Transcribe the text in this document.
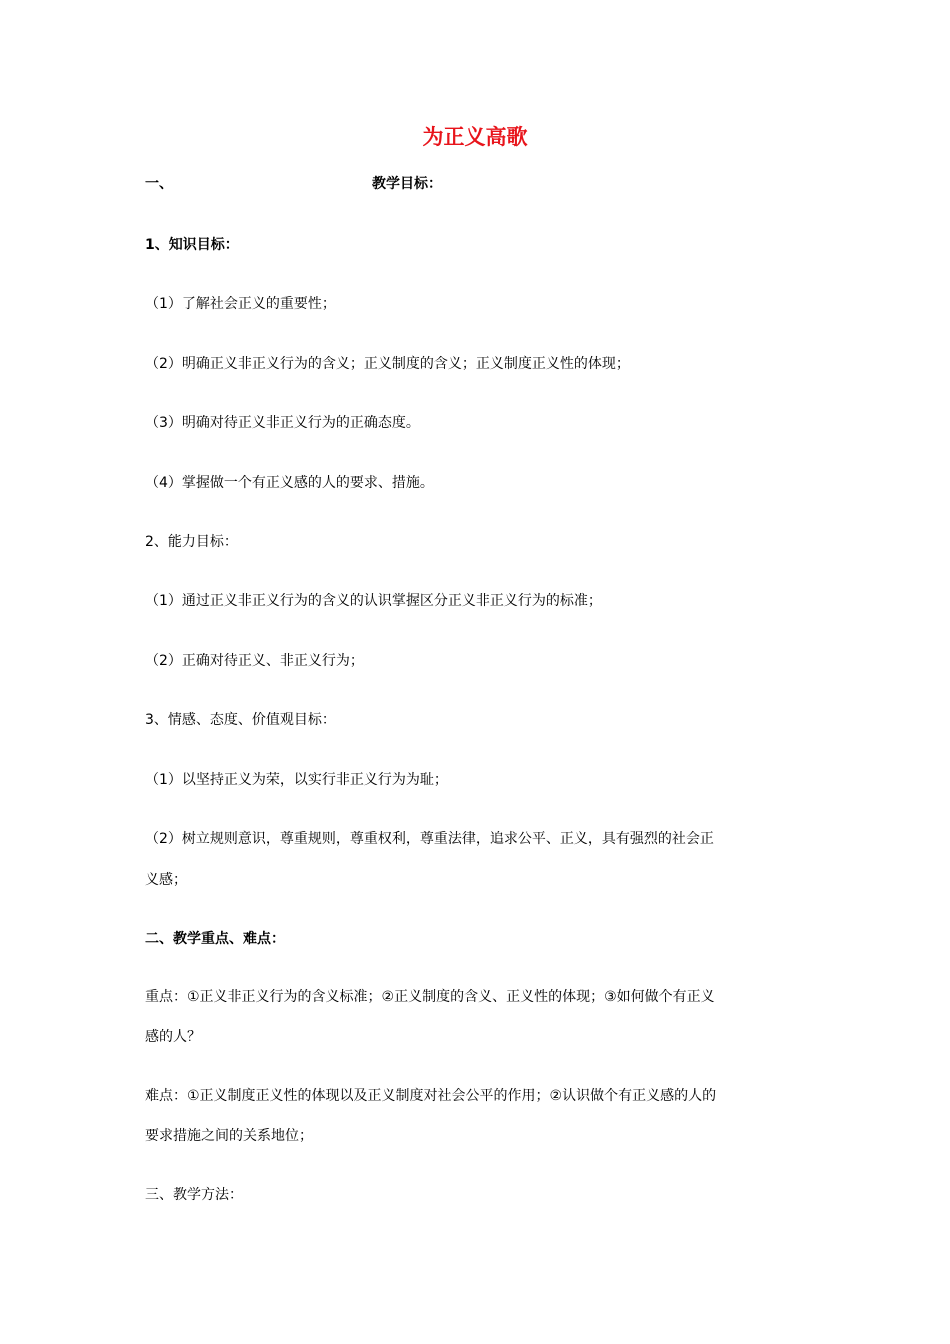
为正义高歌
一、	教学目标：
1、知识目标：
（1）了解社会正义的重要性；
（2）明确正义非正义行为的含义；正义制度的含义；正义制度正义性的体现；
（3）明确对待正义非正义行为的正确态度。
（4）掌握做一个有正义感的人的要求、措施。
2、能力目标：
（1）通过正义非正义行为的含义的认识掌握区分正义非正义行为的标准；
（2）正确对待正义、非正义行为；
3、情感、态度、价值观目标：
（1）以坚持正义为荣，以实行非正义行为为耻；
（2）树立规则意识，尊重规则，尊重权利，尊重法律，追求公平、正义，具有强烈的社会正
义感；
二、教学重点、难点：
重点：①正义非正义行为的含义标准；②正义制度的含义、正义性的体现；③如何做个有正义
感的人？
难点：①正义制度正义性的体现以及正义制度对社会公平的作用；②认识做个有正义感的人的
要求措施之间的关系地位；
三、教学方法：
